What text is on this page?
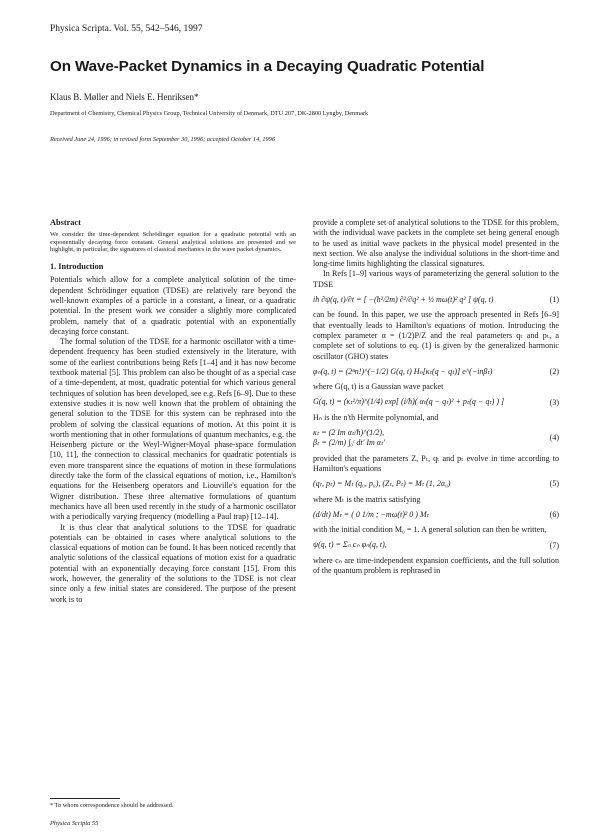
Physica Scripta. Vol. 55, 542–546, 1997
On Wave-Packet Dynamics in a Decaying Quadratic Potential
Klaus B. Møller and Niels E. Henriksen*
Department of Chemistry, Chemical Physics Group, Technical University of Denmark, DTU 207, DK-2800 Lyngby, Denmark
Received June 24, 1996; in revised form September 30, 1996; accepted October 14, 1996
Abstract
We consider the time-dependent Schrödinger equation for a quadratic potential with an exponentially decaying force constant. General analytical solutions are presented and we highlight, in particular, the signatures of classical mechanics in the wave packet dynamics.
1. Introduction

Potentials which allow for a complete analytical solution of the time-dependent Schrödinger equation (TDSE) are relatively rare beyond the well-known examples of a particle in a constant, a linear, or a quadratic potential. In the present work we consider a slightly more complicated problem, namely that of a quadratic potential with an exponentially decaying force constant.

The formal solution of the TDSE for a harmonic oscillator with a time-dependent frequency has been studied extensively in the literature, with some of the earliest contributions being Refs [1–4] and it has now become textbook material [5]. This problem can also be thought of as a special case of a time-dependent, at most, quadratic potential for which various general techniques of solution has been developed, see e.g. Refs [6–9]. Due to these extensive studies it is now well known that the problem of obtaining the general solution to the TDSE for this system can be rephrased into the problem of solving the classical equations of motion. At this point it is worth mentioning that in other formulations of quantum mechanics, e.g. the Heisenberg picture or the Weyl-Wigner-Moyal phase-space formulation [10, 11], the connection to classical mechanics for quadratic potentials is even more transparent since the equations of motion in these formulations directly take the form of the classical equations of motion, i.e., Hamilton's equations for the Heisenberg operators and Liouville's equation for the Wigner distribution. These three alternative formulations of quantum mechanics have all been used recently in the study of a harmonic oscillator with a periodically varying frequency (modelling a Paul trap) [12–14].

It is thus clear that analytical solutions to the TDSE for quadratic potentials can be obtained in cases where analytical solutions to the classical equations of motion can be found. It has been noticed recently that analytic solutions of the classical equations of motion exist for a quadratic potential with an exponentially decaying force constant [15]. From this work, however, the generality of the solutions to the TDSE is not clear since only a few initial states are considered. The purpose of the present work is to

provide a complete set of analytical solutions to the TDSE for this problem, with the individual wave packets in the complete set being general enough to be used as initial wave packets in the physical model presented in the next section. We also analyse the individual solutions in the short-time and long-time limits highlighting the classical signatures.

In Refs [1–9] various ways of parameterizing the general solution to the TDSE

iħ ∂ψ(q, t)/∂t = [ −(ħ²/2m) ∂²/∂q² + ½ mω(t)² q² ] ψ(q, t)	(1)

can be found. In this paper, we use the approach presented in Refs [6–9] that eventually leads to Hamilton's equations of motion. Introducing the complex parameter α = (1/2)P/Z and the real parameters qₜ and pₜ, a complete set of solutions to eq. (1) is given by the generalized harmonic oscillator (GHO) states

φₙ(q, t) = (2ⁿn!)^(−1/2) G(q, t) Hₙ[κₜ(q − qₜ)] e^(−inβₜ)	(2)

where G(q, t) is a Gaussian wave packet

G(q, t) = (κₜ²/π)^(1/4) exp[ (i/ħ)( αₜ(q − qₜ)² + pₜ(q − qₜ) ) ]	(3)

Hₙ is the n'th Hermite polynomial, and

κₜ = (2 Im αₜ/ħ)^(1/2),
βₜ = (2/m) ∫₀ᵗ dt′ Im αₜ′
(4)

provided that the parameters Z, Pₜ, qₜ and pₜ evolve in time according to Hamilton's equations

(qₜ, pₜ) = Mₜ (q₀, p₀), (Zₜ, Pₜ) = Mₜ (1, 2α₀)	(5)

where Mₜ is the matrix satisfying

(d/dt) Mₜ = ( 0 1/m ; −mω(t)² 0 ) Mₜ	(6)

with the initial condition M₀ = 1. A general solution can then be written,

ψ(q, t) = Σₙ cₙ φₙ(q, t),	(7)

where cₙ are time-independent expansion coefficients, and the full solution of the quantum problem is rephrased in

* To whom correspondence should be addressed.
Physica Scripta 55
